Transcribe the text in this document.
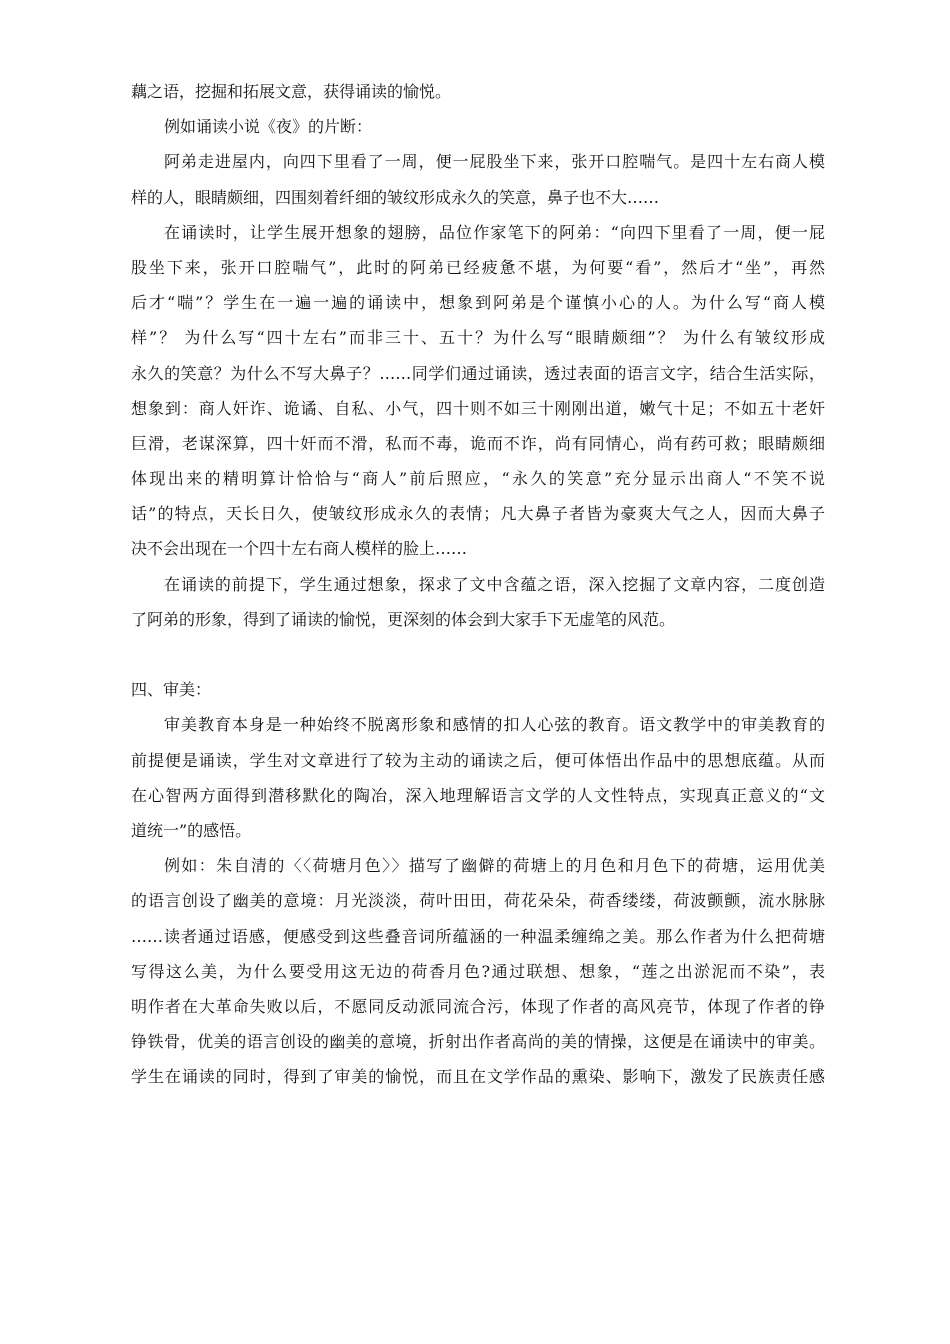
藕之语，挖掘和拓展文意，获得诵读的愉悦。
例如诵读小说《夜》的片断：
阿弟走进屋内，向四下里看了一周，便一屁股坐下来，张开口腔喘气。是四十左右商人模
样的人，眼睛颇细，四围刻着纤细的皱纹形成永久的笑意，鼻子也不大……
在诵读时，让学生展开想象的翅膀，品位作家笔下的阿弟：“向四下里看了一周，便一屁
股坐下来，张开口腔喘气”，此时的阿弟已经疲惫不堪，为何要“看”，然后才“坐”，再然
后才“喘”？学生在一遍一遍的诵读中，想象到阿弟是个谨慎小心的人。为什么写“商人模
样”？ 为什么写“四十左右”而非三十、五十？为什么写“眼睛颇细”？ 为什么有皱纹形成
永久的笑意？为什么不写大鼻子？……同学们通过诵读，透过表面的语言文字，结合生活实际，
想象到：商人奸诈、诡谲、自私、小气，四十则不如三十刚刚出道，嫩气十足；不如五十老奸
巨滑，老谋深算，四十奸而不滑，私而不毒，诡而不诈，尚有同情心，尚有药可救；眼睛颇细
体现出来的精明算计恰恰与“商人”前后照应，“永久的笑意”充分显示出商人“不笑不说
话”的特点，天长日久，使皱纹形成永久的表情；凡大鼻子者皆为豪爽大气之人，因而大鼻子
决不会出现在一个四十左右商人模样的脸上……
在诵读的前提下，学生通过想象，探求了文中含蕴之语，深入挖掘了文章内容，二度创造
了阿弟的形象，得到了诵读的愉悦，更深刻的体会到大家手下无虚笔的风范。
四、审美：
审美教育本身是一种始终不脱离形象和感情的扣人心弦的教育。语文教学中的审美教育的
前提便是诵读，学生对文章进行了较为主动的诵读之后，便可体悟出作品中的思想底蕴。从而
在心智两方面得到潜移默化的陶冶，深入地理解语言文学的人文性特点，实现真正意义的“文
道统一”的感悟。
例如：朱自清的〈〈荷塘月色〉〉描写了幽僻的荷塘上的月色和月色下的荷塘，运用优美
的语言创设了幽美的意境：月光淡淡，荷叶田田，荷花朵朵，荷香缕缕，荷波颤颤，流水脉脉
……读者通过语感，便感受到这些叠音词所蕴涵的一种温柔缠绵之美。那么作者为什么把荷塘
写得这么美，为什么要受用这无边的荷香月色?通过联想、想象，“莲之出淤泥而不染”，表
明作者在大革命失败以后，不愿同反动派同流合污，体现了作者的高风亮节，体现了作者的铮
铮铁骨，优美的语言创设的幽美的意境，折射出作者高尚的美的情操，这便是在诵读中的审美。
学生在诵读的同时，得到了审美的愉悦，而且在文学作品的熏染、影响下，激发了民族责任感
